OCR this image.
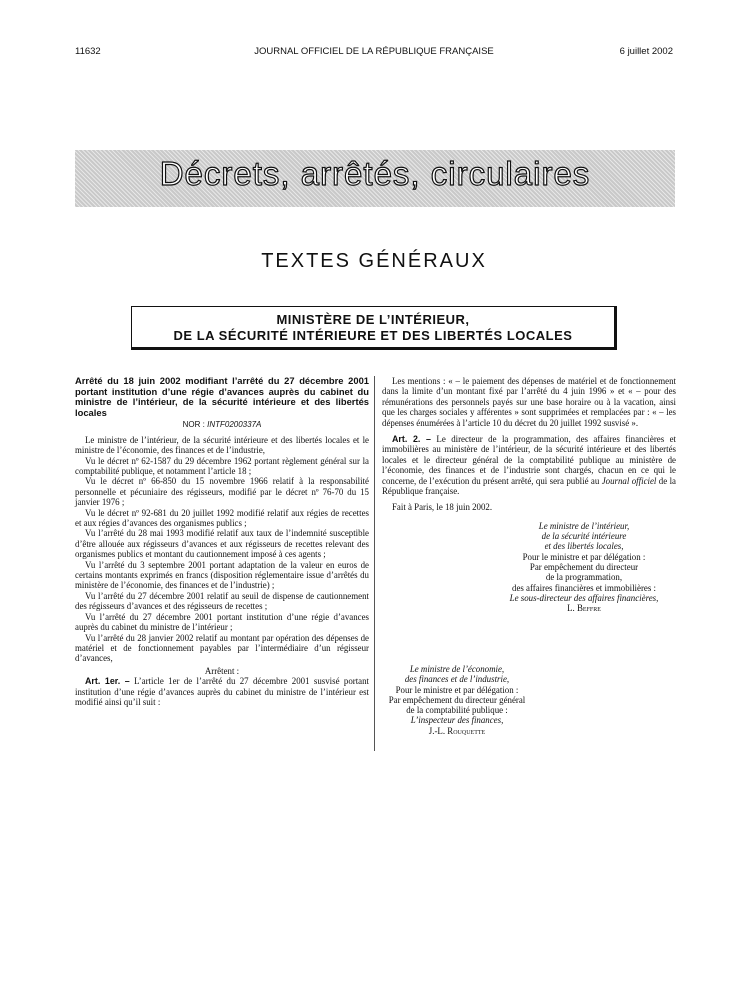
11632	JOURNAL OFFICIEL DE LA RÉPUBLIQUE FRANÇAISE	6 juillet 2002
Décrets, arrêtés, circulaires
TEXTES GÉNÉRAUX
MINISTÈRE DE L’INTÉRIEUR,
DE LA SÉCURITÉ INTÉRIEURE ET DES LIBERTÉS LOCALES

Arrêté du 18 juin 2002 modifiant l’arrêté du 27 décembre 2001 portant institution d’une régie d’avances auprès du cabinet du ministre de l’intérieur, de la sécurité intérieure et des libertés locales

NOR : INTF0200337A

Le ministre de l’intérieur, de la sécurité intérieure et des libertés locales et le ministre de l’économie, des finances et de l’industrie,

Vu le décret nº 62-1587 du 29 décembre 1962 portant règlement général sur la comptabilité publique, et notamment l’article 18 ;

Vu le décret nº 66-850 du 15 novembre 1966 relatif à la responsabilité personnelle et pécuniaire des régisseurs, modifié par le décret nº 76-70 du 15 janvier 1976 ;

Vu le décret nº 92-681 du 20 juillet 1992 modifié relatif aux régies de recettes et aux régies d’avances des organismes publics ;

Vu l’arrêté du 28 mai 1993 modifié relatif aux taux de l’indemnité susceptible d’être allouée aux régisseurs d’avances et aux régisseurs de recettes relevant des organismes publics et montant du cautionnement imposé à ces agents ;

Vu l’arrêté du 3 septembre 2001 portant adaptation de la valeur en euros de certains montants exprimés en francs (disposition réglementaire issue d’arrêtés du ministère de l’économie, des finances et de l’industrie) ;

Vu l’arrêté du 27 décembre 2001 relatif au seuil de dispense de cautionnement des régisseurs d’avances et des régisseurs de recettes ;

Vu l’arrêté du 27 décembre 2001 portant institution d’une régie d’avances auprès du cabinet du ministre de l’intérieur ;

Vu l’arrêté du 28 janvier 2002 relatif au montant par opération des dépenses de matériel et de fonctionnement payables par l’intermédiaire d’un régisseur d’avances,

Arrêtent :

Art. 1er. – L’article 1er de l’arrêté du 27 décembre 2001 susvisé portant institution d’une régie d’avances auprès du cabinet du ministre de l’intérieur est modifié ainsi qu’il suit :

Les mentions : « – le paiement des dépenses de matériel et de fonctionnement dans la limite d’un montant fixé par l’arrêté du 4 juin 1996 » et « – pour des rémunérations des personnels payés sur une base horaire ou à la vacation, ainsi que les charges sociales y afférentes » sont supprimées et remplacées par : « – les dépenses énumérées à l’article 10 du décret du 20 juillet 1992 susvisé ».

Art. 2. – Le directeur de la programmation, des affaires financières et immobilières au ministère de l’intérieur, de la sécurité intérieure et des libertés locales et le directeur général de la comptabilité publique au ministère de l’économie, des finances et de l’industrie sont chargés, chacun en ce qui le concerne, de l’exécution du présent arrêté, qui sera publié au Journal officiel de la République française.

Fait à Paris, le 18 juin 2002.

Le ministre de l’intérieur,
de la sécurité intérieure
et des libertés locales,
Pour le ministre et par délégation :
Par empêchement du directeur
de la programmation,
des affaires financières et immobilières :
Le sous-directeur des affaires financières,
L. Beffre
Le ministre de l’économie,
des finances et de l’industrie,
Pour le ministre et par délégation :
Par empêchement du directeur général
de la comptabilité publique :
L’inspecteur des finances,
J.-L. Rouquette
